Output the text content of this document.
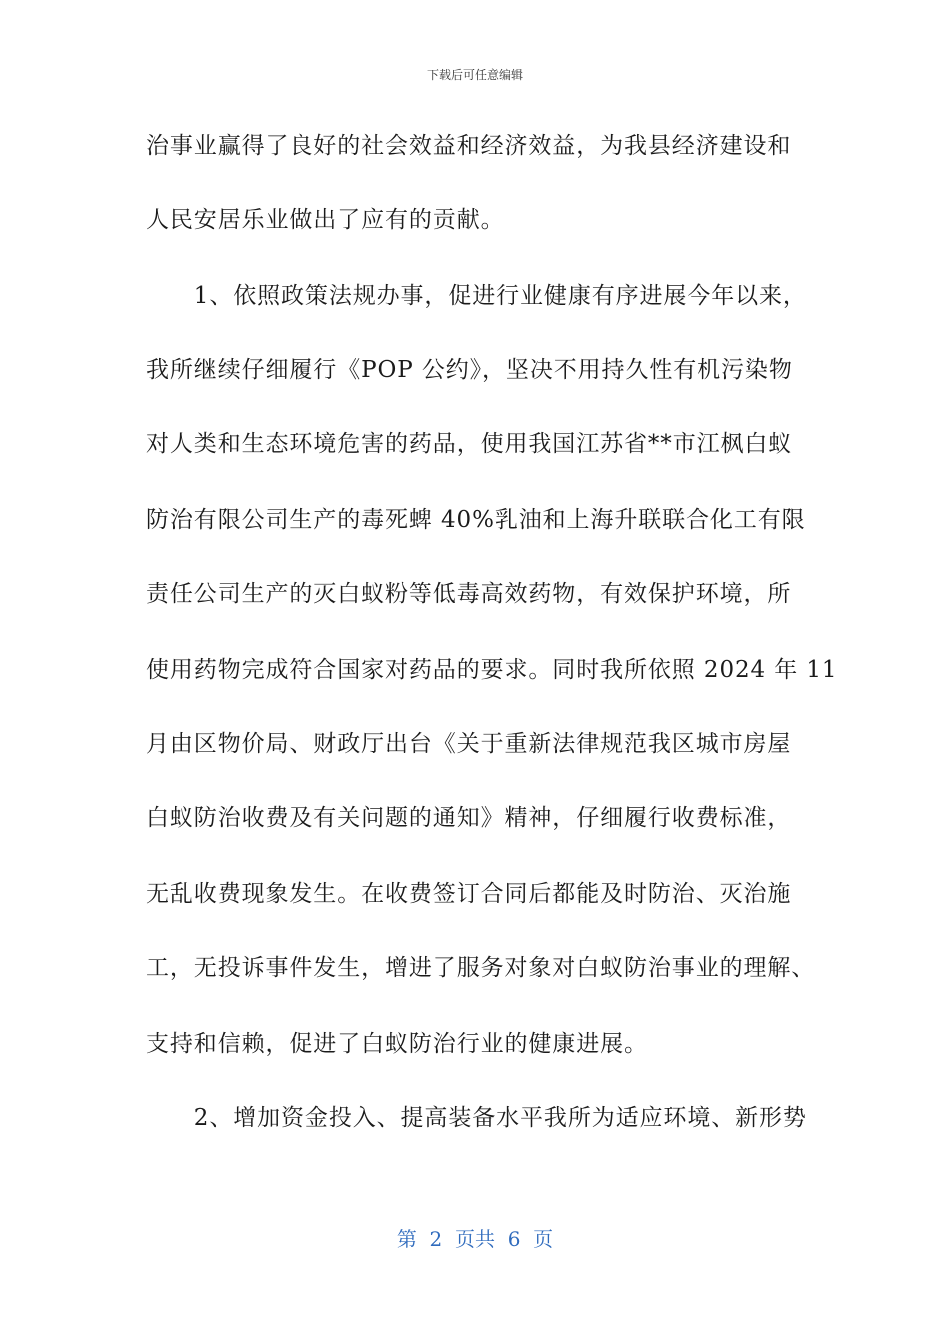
下载后可任意编辑
治事业赢得了良好的社会效益和经济效益，为我县经济建设和
人民安居乐业做出了应有的贡献。
　　1、依照政策法规办事，促进行业健康有序进展今年以来，
我所继续仔细履行《POP 公约》，坚决不用持久性有机污染物
对人类和生态环境危害的药品，使用我国江苏省**市江枫白蚁
防治有限公司生产的毒死蜱 40%乳油和上海升联联合化工有限
责任公司生产的灭白蚁粉等低毒高效药物，有效保护环境，所
使用药物完成符合国家对药品的要求。同时我所依照 2024 年 11
月由区物价局、财政厅出台《关于重新法律规范我区城市房屋
白蚁防治收费及有关问题的通知》精神，仔细履行收费标准，
无乱收费现象发生。在收费签订合同后都能及时防治、灭治施
工，无投诉事件发生，增进了服务对象对白蚁防治事业的理解、
支持和信赖，促进了白蚁防治行业的健康进展。
　　2、增加资金投入、提高装备水平我所为适应环境、新形势
第  2  页共  6  页
